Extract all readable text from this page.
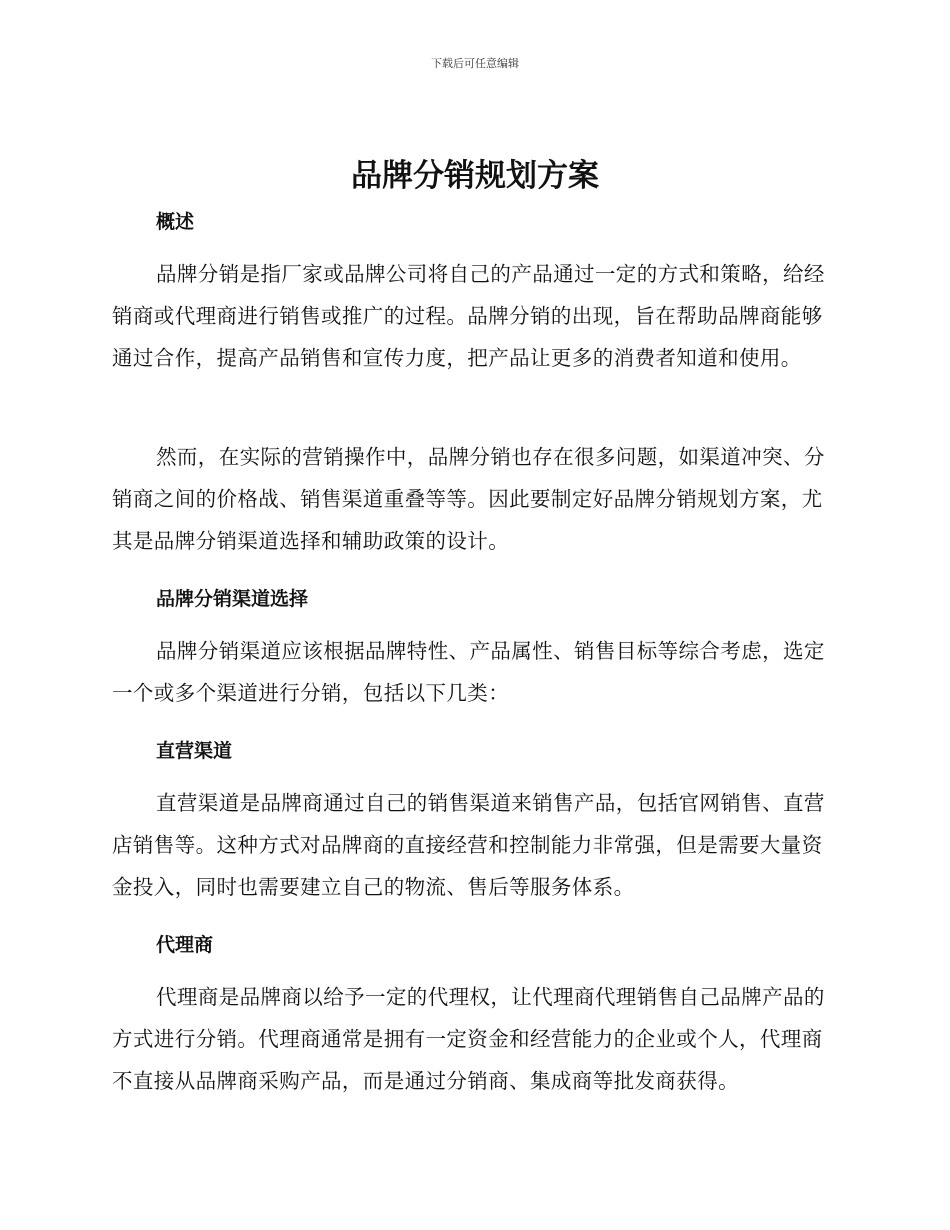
下载后可任意编辑
品牌分销规划方案
概述

品牌分销是指厂家或品牌公司将自己的产品通过一定的方式和策略，给经销商或代理商进行销售或推广的过程。品牌分销的出现，旨在帮助品牌商能够通过合作，提高产品销售和宣传力度，把产品让更多的消费者知道和使用。

然而，在实际的营销操作中，品牌分销也存在很多问题，如渠道冲突、分销商之间的价格战、销售渠道重叠等等。因此要制定好品牌分销规划方案，尤其是品牌分销渠道选择和辅助政策的设计。

品牌分销渠道选择

品牌分销渠道应该根据品牌特性、产品属性、销售目标等综合考虑，选定一个或多个渠道进行分销，包括以下几类：

直营渠道

直营渠道是品牌商通过自己的销售渠道来销售产品，包括官网销售、直营店销售等。这种方式对品牌商的直接经营和控制能力非常强，但是需要大量资金投入，同时也需要建立自己的物流、售后等服务体系。

代理商

代理商是品牌商以给予一定的代理权，让代理商代理销售自己品牌产品的方式进行分销。代理商通常是拥有一定资金和经营能力的企业或个人，代理商不直接从品牌商采购产品，而是通过分销商、集成商等批发商获得。
